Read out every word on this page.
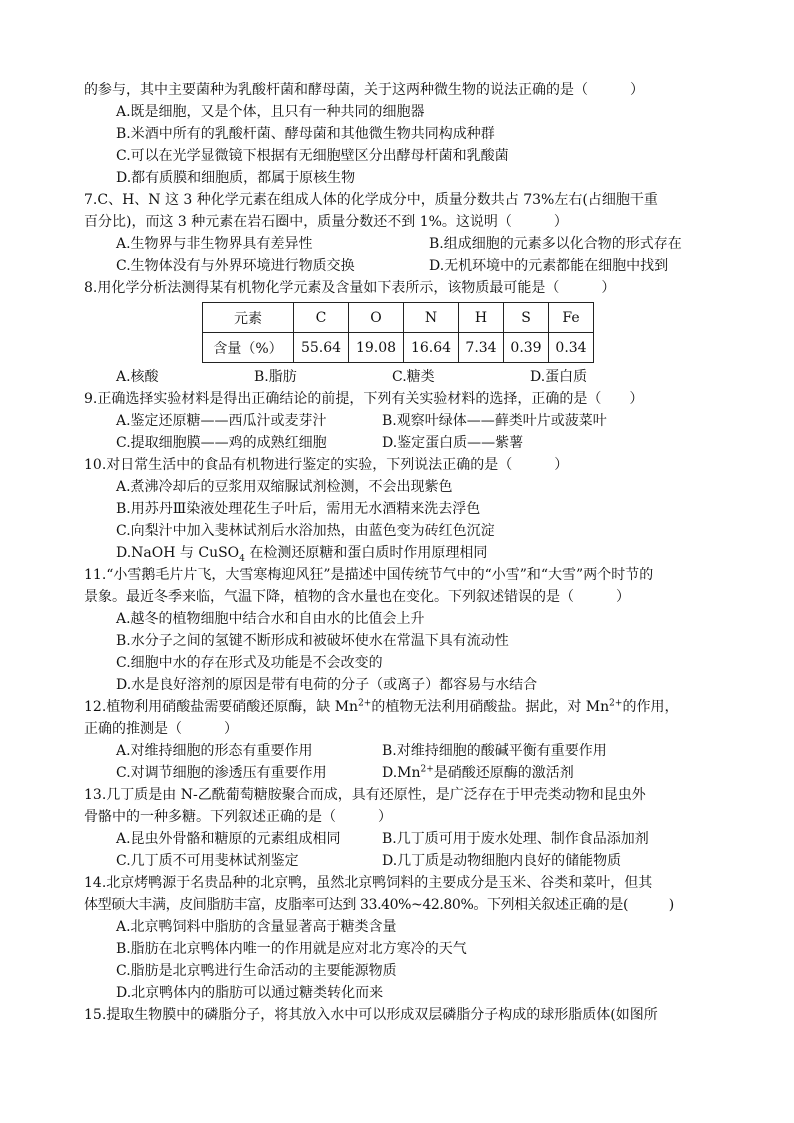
的参与，其中主要菌种为乳酸杆菌和酵母菌，关于这两种微生物的说法正确的是（　　　）
A.既是细胞，又是个体，且只有一种共同的细胞器
B.米酒中所有的乳酸杆菌、酵母菌和其他微生物共同构成种群
C.可以在光学显微镜下根据有无细胞壁区分出酵母杆菌和乳酸菌
D.都有质膜和细胞质，都属于原核生物
7.C、H、N 这 3 种化学元素在组成人体的化学成分中，质量分数共占 73%左右(占细胞干重
百分比)，而这 3 种元素在岩石圈中，质量分数还不到 1%。这说明（　　　）
A.生物界与非生物界具有差异性	B.组成细胞的元素多以化合物的形式存在
C.生物体没有与外界环境进行物质交换	D.无机环境中的元素都能在细胞中找到
8.用化学分析法测得某有机物化学元素及含量如下表所示，该物质最可能是（　　　）
元素	C	O	N	H	S	Fe
含量（%）	55.64	19.08	16.64	7.34	0.39	0.34
A.核酸	B.脂肪	C.糖类	D.蛋白质
9.正确选择实验材料是得出正确结论的前提，下列有关实验材料的选择，正确的是（　　）
A.鉴定还原糖——西瓜汁或麦芽汁	B.观察叶绿体——藓类叶片或菠菜叶
C.提取细胞膜——鸡的成熟红细胞	D.鉴定蛋白质——紫薯
10.对日常生活中的食品有机物进行鉴定的实验，下列说法正确的是（　　　）
A.煮沸冷却后的豆浆用双缩脲试剂检测，不会出现紫色
B.用苏丹Ⅲ染液处理花生子叶后，需用无水酒精来洗去浮色
C.向梨汁中加入斐林试剂后水浴加热，由蓝色变为砖红色沉淀
D.NaOH 与 CuSO$_4$ 在检测还原糖和蛋白质时作用原理相同
11.“小雪鹅毛片片飞，大雪寒梅迎风狂”是描述中国传统节气中的“小雪”和“大雪”两个时节的
景象。最近冬季来临，气温下降，植物的含水量也在变化。下列叙述错误的是（　　　）
A.越冬的植物细胞中结合水和自由水的比值会上升
B.水分子之间的氢键不断形成和被破坏使水在常温下具有流动性
C.细胞中水的存在形式及功能是不会改变的
D.水是良好溶剂的原因是带有电荷的分子（或离子）都容易与水结合
12.植物利用硝酸盐需要硝酸还原酶，缺 $Mn^{2+}$的植物无法利用硝酸盐。据此，对 $Mn^{2+}$的作用，
正确的推测是（　　　）
A.对维持细胞的形态有重要作用	B.对维持细胞的酸碱平衡有重要作用
C.对调节细胞的渗透压有重要作用	$D.Mn^{2+}$是硝酸还原酶的激活剂
13.几丁质是由 N-乙酰葡萄糖胺聚合而成，具有还原性，是广泛存在于甲壳类动物和昆虫外
骨骼中的一种多糖。下列叙述正确的是（　　　）
A.昆虫外骨骼和糖原的元素组成相同	B.几丁质可用于废水处理、制作食品添加剂
C.几丁质不可用斐林试剂鉴定	D.几丁质是动物细胞内良好的储能物质
14.北京烤鸭源于名贵品种的北京鸭，虽然北京鸭饲料的主要成分是玉米、谷类和菜叶，但其
体型硕大丰满，皮间脂肪丰富，皮脂率可达到 33.40%~42.80%。下列相关叙述正确的是(　　　)
A.北京鸭饲料中脂肪的含量显著高于糖类含量
B.脂肪在北京鸭体内唯一的作用就是应对北方寒冷的天气
C.脂肪是北京鸭进行生命活动的主要能源物质
D.北京鸭体内的脂肪可以通过糖类转化而来
15.提取生物膜中的磷脂分子，将其放入水中可以形成双层磷脂分子构成的球形脂质体(如图所
